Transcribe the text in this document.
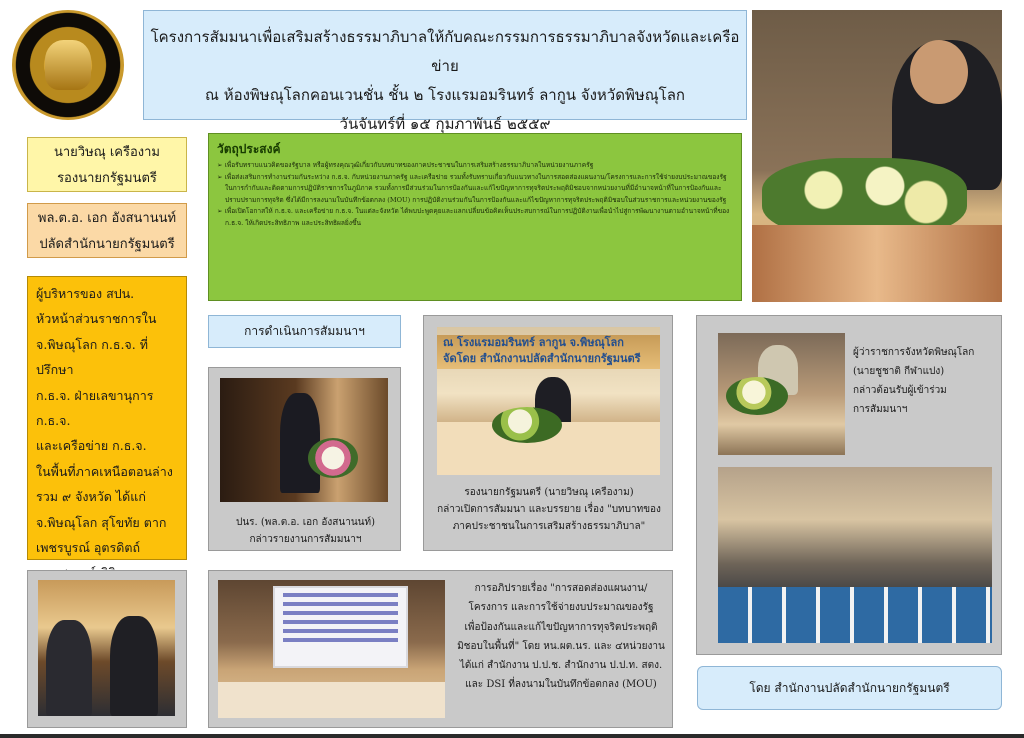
โครงการสัมมนาเพื่อเสริมสร้างธรรมาภิบาลให้กับคณะกรรมการธรรมาภิบาลจังหวัดและเครือข่าย
ณ ห้องพิษณุโลกคอนเวนชั่น ชั้น ๒ โรงแรมอมรินทร์ ลากูน จังหวัดพิษณุโลก
วันจันทร์ที่ ๑๕ กุมภาพันธ์ ๒๕๕๙
นายวิษณุ เครืองาม
รองนายกรัฐมนตรี
พล.ต.อ. เอก อังสนานนท์
ปลัดสำนักนายกรัฐมนตรี
ผู้บริหารของ สปน.
หัวหน้าส่วนราชการใน
จ.พิษณุโลก ก.ธ.จ. ที่ปรึกษา
ก.ธ.จ. ฝ่ายเลขานุการ ก.ธ.จ.
และเครือข่าย ก.ธ.จ.
ในพื้นที่ภาคเหนือตอนล่าง
รวม ๙ จังหวัด ได้แก่
จ.พิษณุโลก สุโขทัย ตาก
เพชรบูรณ์ อุตรดิตถ์
วัตถุประสงค์
➢ เพื่อรับทราบแนวคิดของรัฐบาล หรือผู้ทรงคุณวุฒิเกี่ยวกับบทบาทของภาคประชาชนในการเสริมสร้างธรรมาภิบาลในหน่วยงานภาครัฐ
➢ เพื่อส่งเสริมการทำงานร่วมกันระหว่าง ก.ธ.จ. กับหน่วยงานภาครัฐ และเครือข่าย รวมทั้งรับทราบเกี่ยวกับแนวทางในการสอดส่องแผนงาน/โครงการและการใช้จ่ายงบประมาณของรัฐในการกำกับและติดตามการปฏิบัติราชการในภูมิภาค รวมทั้งการมีส่วนร่วมในการป้องกันและแก้ไขปัญหาการทุจริตประพฤติมิชอบจากหน่วยงานที่มีอำนาจหน้าที่ในการป้องกันและปราบปรามการทุจริต ซึ่งได้มีการลงนามในบันทึกข้อตกลง (MOU) การปฏิบัติงานร่วมกันในการป้องกันและแก้ไขปัญหาการทุจริตประพฤติมิชอบในส่วนราชการและหน่วยงานของรัฐ
➢ เพื่อเปิดโอกาสให้ ก.ธ.จ. และเครือข่าย ก.ธ.จ. ในแต่ละจังหวัด ได้พบปะพูดคุยและแลกเปลี่ยนข้อคิดเห็นประสบการณ์ในการปฏิบัติงานเพื่อนำไปสู่การพัฒนางานตามอำนาจหน้าที่ของ ก.ธ.จ. ให้เกิดประสิทธิภาพ และประสิทธิผลยิ่งขึ้น
การดำเนินการสัมมนาฯ
ปนร. (พล.ต.อ. เอก อังสนานนท์)
กล่าวรายงานการสัมมนาฯ
รองนายกรัฐมนตรี (นายวิษณุ เครืองาม)
กล่าวเปิดการสัมมนา และบรรยาย เรื่อง "บทบาทของ
ภาคประชาชนในการเสริมสร้างธรรมาภิบาล"
ผู้ว่าราชการจังหวัดพิษณุโลก
(นายชูชาติ กีฬาแปง)
กล่าวต้อนรับผู้เข้าร่วม
การสัมมนาฯ
การอภิปรายเรื่อง "การสอดส่องแผนงาน/
โครงการ และการใช้จ่ายงบประมาณของรัฐ
เพื่อป้องกันและแก้ไขปัญหาการทุจริตประพฤติ
มิชอบในพื้นที่" โดย หน.ผต.นร. และ ๔หน่วยงาน
ได้แก่ สำนักงาน ป.ป.ช. สำนักงาน ป.ป.ท. สตง.
และ DSI ที่ลงนามในบันทึกข้อตกลง (MOU)
ณ โรงแรมอมรินทร์ ลากูน จ.พิษณุโลก
จัดโดย สำนักงานปลัดสำนักนายกรัฐมนตรี
โดย สำนักงานปลัดสำนักนายกรัฐมนตรี
